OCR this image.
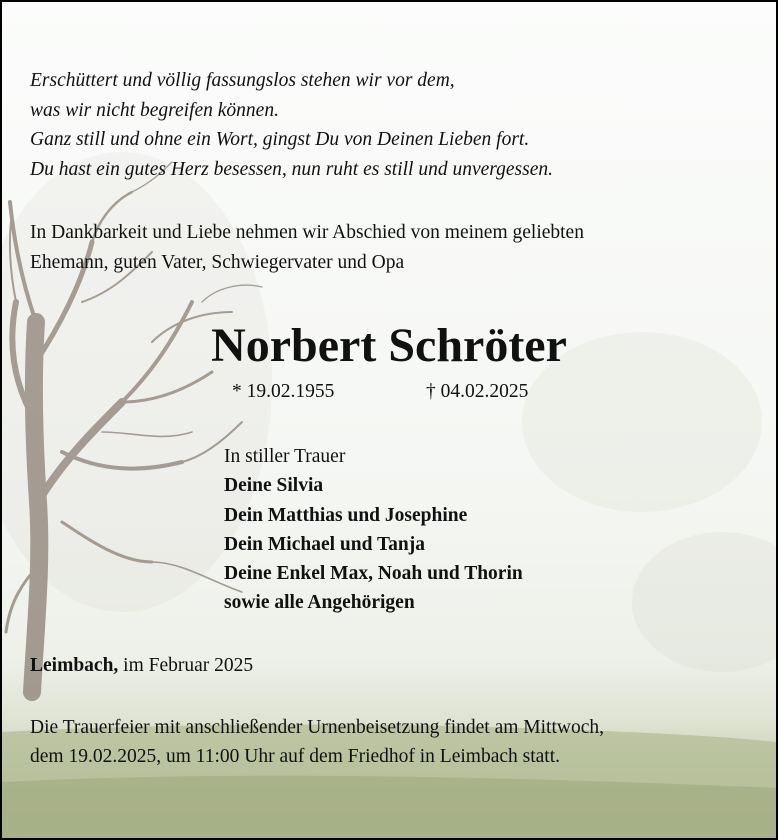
Erschüttert und völlig fassungslos stehen wir vor dem,
was wir nicht begreifen können.
Ganz still und ohne ein Wort, gingst Du von Deinen Lieben fort.
Du hast ein gutes Herz besessen, nun ruht es still und unvergessen.
In Dankbarkeit und Liebe nehmen wir Abschied von meinem geliebten
Ehemann, guten Vater, Schwiegervater und Opa
Norbert Schröter
* 19.02.1955	† 04.02.2025
In stiller Trauer
Deine Silvia
Dein Matthias und Josephine
Dein Michael und Tanja
Deine Enkel Max, Noah und Thorin
sowie alle Angehörigen
Leimbach, im Februar 2025
Die Trauerfeier mit anschließender Urnenbeisetzung findet am Mittwoch,
dem 19.02.2025, um 11:00 Uhr auf dem Friedhof in Leimbach statt.
